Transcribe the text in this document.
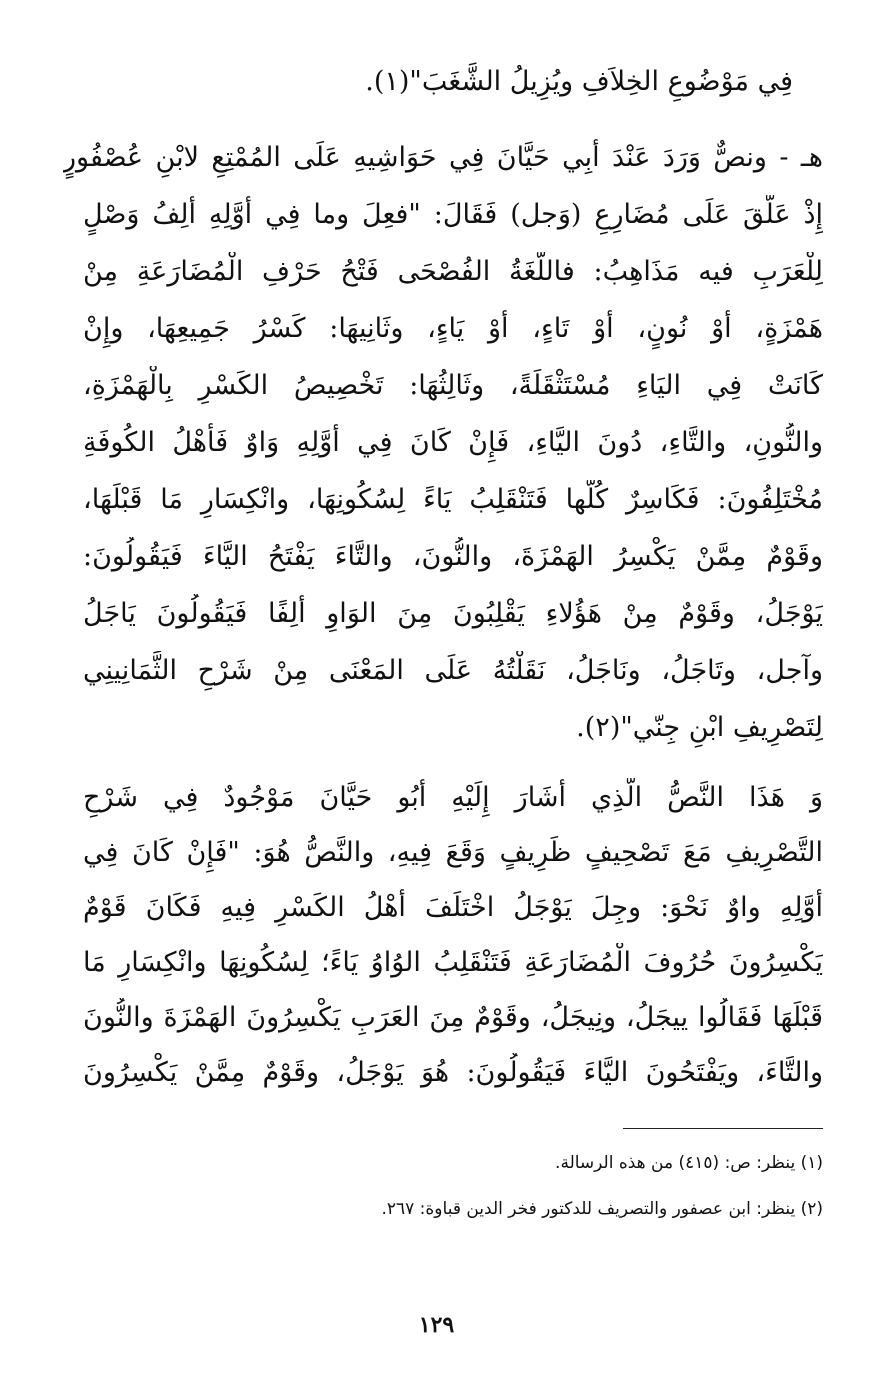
فِي مَوْضُوعِ الخِلاَفِ ويُزِيلُ الشَّغَبَ"(١).
هـ - ونصٌّ وَرَدَ عَنْدَ أَبِي حَيَّانَ فِي حَوَاشِيهِ عَلَى المُمْتِعِ لابْنِ عُصْفُورٍ
إِذْ عَلَّقَ عَلَى مُضَارِعِ (وَجل) فَقَالَ: "فعِلَ وما فِي أوَّلِهِ أَلِفُ وَصْلٍ
لِلْعَرَبِ فيه مَذَاهِبُ: فاللُّغَةُ الفُصْحَى فَتْحُ حَرْفِ الْمُضَارَعَةِ مِنْ
هَمْزَةٍ، أَوْ نُونٍ، أَوْ تَاءٍ، أَوْ يَاءٍ، وثَانِيهَا: كَسْرُ جَمِيعِهَا، وإِنْ
كَانَتْ فِي اليَاءِ مُسْتَثْقَلَةً، وثَالِثُهَا: تَخْصِيصُ الكَسْرِ بِالْهَمْزَةِ،
والنُّونِ، والتَّاءِ، دُونَ اليَّاءِ، فَإِنْ كَانَ فِي أَوَّلِهِ وَاوٌ فَأَهْلُ الكُوفَةِ
مُخْتَلِفُونَ: فَكَاسِرٌ كُلُّها فَتَنْقَلِبُ يَاءً لِسُكُونِهَا، وانْكِسَارِ مَا قَبْلَهَا،
وقَوْمٌ مِمَّنْ يَكْسِرُ الهَمْزَةَ، والنُّونَ، والتَّاءَ يَفْتَحُ اليَّاءَ فَيَقُولُونَ:
يَوْجَلُ، وقَوْمٌ مِنْ هَؤُلاءِ يَقْلِبُونَ مِنَ الوَاوِ أَلِفًا فَيَقُولُونَ يَاجَلُ
وآجل، وتَاجَلُ، ونَاجَلُ، نَقَلْتُهُ عَلَى المَعْنَى مِنْ شَرْحِ الثَّمَانِينِي
لِتَصْرِيفِ ابْنِ جِنّي"(٢).
وَ هَذَا النَّصُّ الَّذِي أَشَارَ إِلَيْهِ أَبُو حَيَّانَ مَوْجُودٌ فِي شَرْحِ
التَّصْرِيفِ مَعَ تَصْحِيفٍ ظَرِيفٍ وَقَعَ فِيهِ، والنَّصُّ هُوَ: "فَإِنْ كَانَ فِي
أُوَّلِهِ واوٌ نَحْوَ: وجِلَ يَوْجَلُ اخْتَلَفَ أَهْلُ الكَسْرِ فِيهِ فَكَانَ قَوْمٌ
يَكْسِرُونَ حُرُوفَ الْمُضَارَعَةِ فَتَنْقَلِبُ الوُاوُ يَاءً؛ لِسُكُونِهَا وانْكِسَارِ مَا
قَبْلَهَا فَقَالُوا ييجَلُ، ونِيجَلُ، وقَوْمٌ مِنَ العَرَبِ يَكْسِرُونَ الهَمْزَةَ والنُّونَ
والتَّاءَ، ويَفْتَحُونَ اليَّاءَ فَيَقُولُونَ: هُوَ يَوْجَلُ، وقَوْمٌ مِمَّنْ يَكْسِرُونَ
(١) ينظر: ص: (٤١٥) من هذه الرسالة.
(٢) ينظر: ابن عصفور والتصريف للدكتور فخر الدين قباوة: ٢٦٧.
١٢٩
